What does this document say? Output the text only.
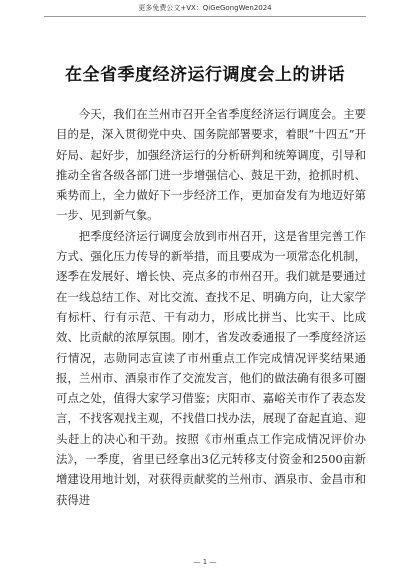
更多免费公文+VX：QiGeGongWen2024
在全省季度经济运行调度会上的讲话

今天，我们在兰州市召开全省季度经济运行调度会。主要目的是，深入贯彻党中央、国务院部署要求，着眼“十四五”开好局、起好步，加强经济运行的分析研判和统筹调度，引导和推动全省各级各部门进一步增强信心、鼓足干劲，抢抓时机、乘势而上，全力做好下一步经济工作，更加奋发有为地迈好第一步、见到新气象。

把季度经济运行调度会放到市州召开，这是省里完善工作方式、强化压力传导的新举措，而且要成为一项常态化机制，逐季在发展好、增长快、亮点多的市州召开。我们就是要通过在一线总结工作、对比交流、查找不足、明确方向，让大家学有标杆、行有示范、干有动力，形成比拼当、比实干、比成效、比贡献的浓厚氛围。刚才，省发改委通报了一季度经济运行情况，志勋同志宣读了市州重点工作完成情况评奖结果通报，兰州市、酒泉市作了交流发言，他们的做法确有很多可圈可点之处，值得大家学习借鉴；庆阳市、嘉峪关市作了表态发言，不找客观找主观，不找借口找办法，展现了奋起直追、迎头赶上的决心和干劲。按照《市州重点工作完成情况评价办法》，一季度，省里已经拿出3亿元转移支付资金和2500亩新增建设用地计划，对获得贡献奖的兰州市、酒泉市、金昌市和获得进

— 1 —
